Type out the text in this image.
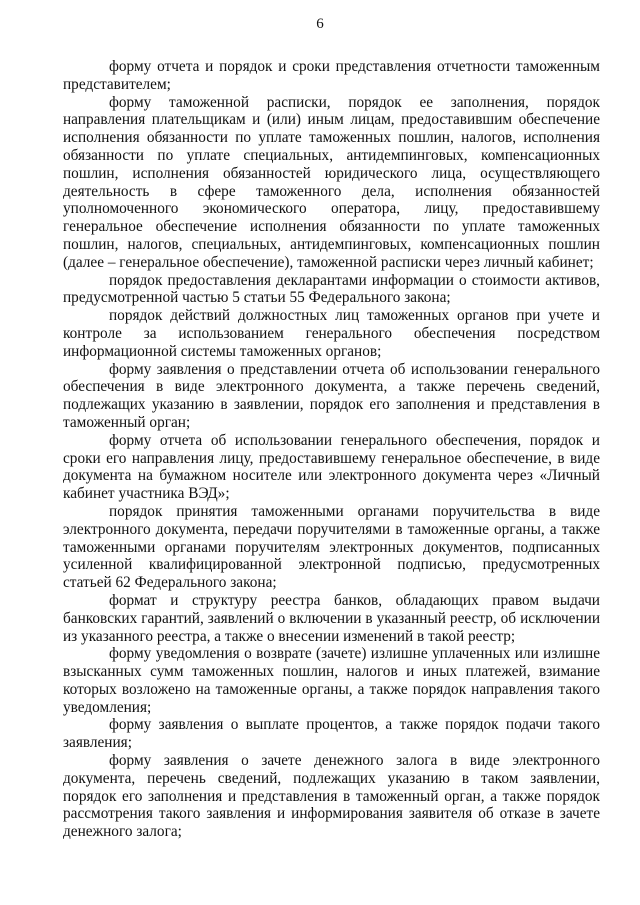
6

форму отчета и порядок и сроки представления отчетности таможенным представителем;

форму таможенной расписки, порядок ее заполнения, порядок направления плательщикам и (или) иным лицам, предоставившим обеспечение исполнения обязанности по уплате таможенных пошлин, налогов, исполнения обязанности по уплате специальных, антидемпинговых, компенсационных пошлин, исполнения обязанностей юридического лица, осуществляющего деятельность в сфере таможенного дела, исполнения обязанностей уполномоченного экономического оператора, лицу, предоставившему генеральное обеспечение исполнения обязанности по уплате таможенных пошлин, налогов, специальных, антидемпинговых, компенсационных пошлин (далее – генеральное обеспечение), таможенной расписки через личный кабинет;

порядок предоставления декларантами информации о стоимости активов, предусмотренной частью 5 статьи 55 Федерального закона;

порядок действий должностных лиц таможенных органов при учете и контроле за использованием генерального обеспечения посредством информационной системы таможенных органов;

форму заявления о представлении отчета об использовании генерального обеспечения в виде электронного документа, а также перечень сведений, подлежащих указанию в заявлении, порядок его заполнения и представления в таможенный орган;

форму отчета об использовании генерального обеспечения, порядок и сроки его направления лицу, предоставившему генеральное обеспечение, в виде документа на бумажном носителе или электронного документа через «Личный кабинет участника ВЭД»;

порядок принятия таможенными органами поручительства в виде электронного документа, передачи поручителями в таможенные органы, а также таможенными органами поручителям электронных документов, подписанных усиленной квалифицированной электронной подписью, предусмотренных статьей 62 Федерального закона;

формат и структуру реестра банков, обладающих правом выдачи банковских гарантий, заявлений о включении в указанный реестр, об исключении из указанного реестра, а также о внесении изменений в такой реестр;

форму уведомления о возврате (зачете) излишне уплаченных или излишне взысканных сумм таможенных пошлин, налогов и иных платежей, взимание которых возложено на таможенные органы, а также порядок направления такого уведомления;

форму заявления о выплате процентов, а также порядок подачи такого заявления;

форму заявления о зачете денежного залога в виде электронного документа, перечень сведений, подлежащих указанию в таком заявлении, порядок его заполнения и представления в таможенный орган, а также порядок рассмотрения такого заявления и информирования заявителя об отказе в зачете денежного залога;
